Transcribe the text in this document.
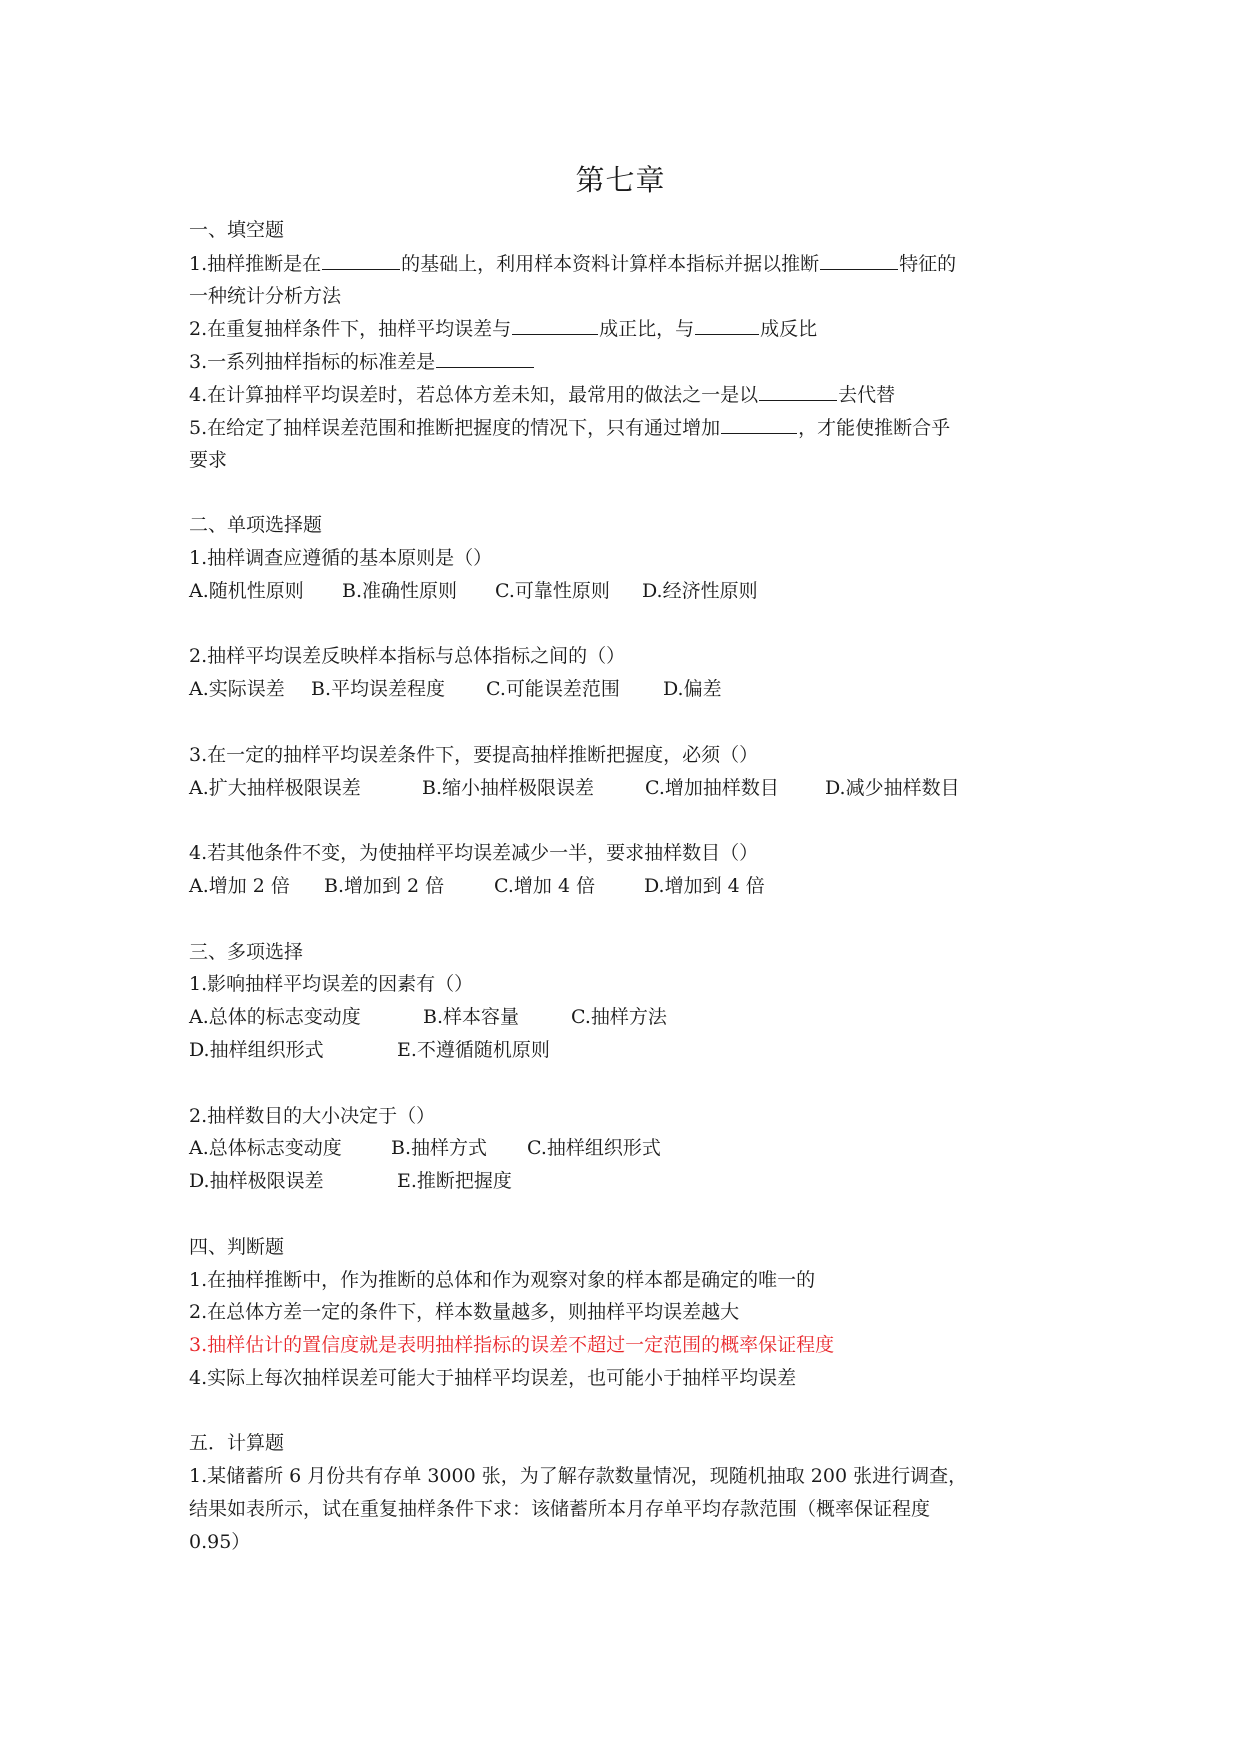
第七章
一、填空题
1.抽样推断是在	的基础上，利用样本资料计算样本指标并据以推断	特征的
一种统计分析方法
2.在重复抽样条件下，抽样平均误差与	成正比，与	成反比
3.一系列抽样指标的标准差是
4.在计算抽样平均误差时，若总体方差未知，最常用的做法之一是以	去代替
5.在给定了抽样误差范围和推断把握度的情况下，只有通过增加	，才能使推断合乎
要求
二、单项选择题
1.抽样调查应遵循的基本原则是（）
A.随机性原则 B.准确性原则 C.可靠性原则 D.经济性原则
2.抽样平均误差反映样本指标与总体指标之间的（）
A.实际误差 B.平均误差程度 C.可能误差范围 D.偏差
3.在一定的抽样平均误差条件下，要提高抽样推断把握度，必须（）
A.扩大抽样极限误差	B.缩小抽样极限误差	C.增加抽样数目 D.减少抽样数目
4.若其他条件不变，为使抽样平均误差减少一半，要求抽样数目（）
A.增加 2 倍 B.增加到 2 倍	C.增加 4 倍	D.增加到 4 倍
三、多项选择
1.影响抽样平均误差的因素有（）
A.总体的标志变动度	B.样本容量	C.抽样方法
D.抽样组织形式	E.不遵循随机原则
2.抽样数目的大小决定于（）
A.总体标志变动度	B.抽样方式 C.抽样组织形式
D.抽样极限误差	E.推断把握度
四、判断题
1.在抽样推断中，作为推断的总体和作为观察对象的样本都是确定的唯一的
2.在总体方差一定的条件下，样本数量越多，则抽样平均误差越大
3.抽样估计的置信度就是表明抽样指标的误差不超过一定范围的概率保证程度
4.实际上每次抽样误差可能大于抽样平均误差，也可能小于抽样平均误差
五．计算题
1.某储蓄所 6 月份共有存单 3000 张，为了解存款数量情况，现随机抽取 200 张进行调查，
结果如表所示，试在重复抽样条件下求：该储蓄所本月存单平均存款范围（概率保证程度
0.95）
